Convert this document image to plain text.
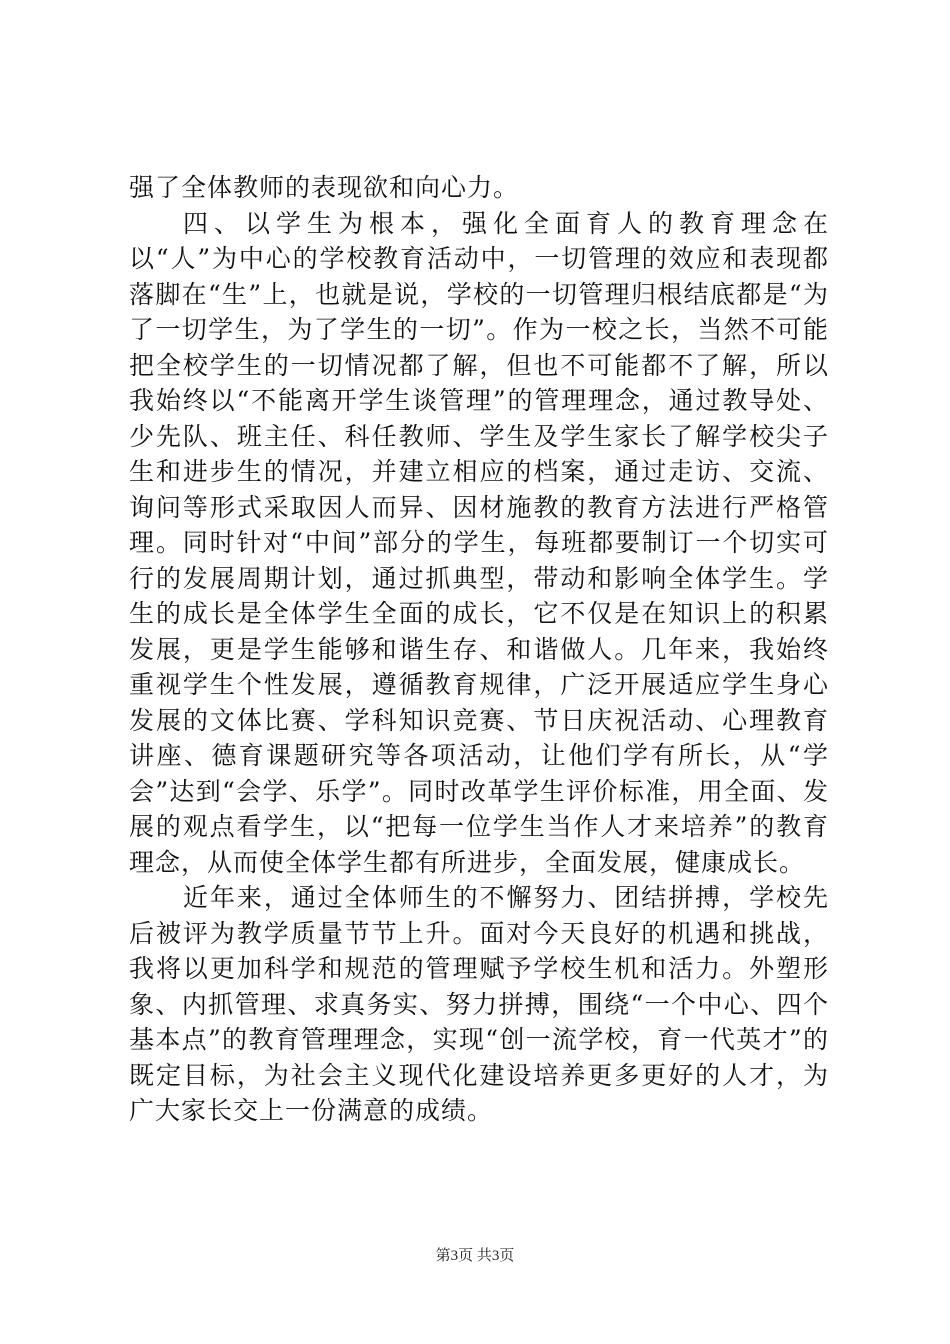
强了全体教师的表现欲和向心力。

四、以学生为根本，强化全面育人的教育理念在以“人”为中心的学校教育活动中，一切管理的效应和表现都落脚在“生”上，也就是说，学校的一切管理归根结底都是“为了一切学生，为了学生的一切”。作为一校之长，当然不可能把全校学生的一切情况都了解，但也不可能都不了解，所以我始终以“不能离开学生谈管理”的管理理念，通过教导处、少先队、班主任、科任教师、学生及学生家长了解学校尖子生和进步生的情况，并建立相应的档案，通过走访、交流、询问等形式采取因人而异、因材施教的教育方法进行严格管理。同时针对“中间”部分的学生，每班都要制订一个切实可行的发展周期计划，通过抓典型，带动和影响全体学生。学生的成长是全体学生全面的成长，它不仅是在知识上的积累发展，更是学生能够和谐生存、和谐做人。几年来，我始终重视学生个性发展，遵循教育规律，广泛开展适应学生身心发展的文体比赛、学科知识竞赛、节日庆祝活动、心理教育讲座、德育课题研究等各项活动，让他们学有所长，从“学会”达到“会学、乐学”。同时改革学生评价标准，用全面、发展的观点看学生，以“把每一位学生当作人才来培养”的教育理念，从而使全体学生都有所进步，全面发展，健康成长。

近年来，通过全体师生的不懈努力、团结拼搏，学校先后被评为教学质量节节上升。面对今天良好的机遇和挑战，我将以更加科学和规范的管理赋予学校生机和活力。外塑形象、内抓管理、求真务实、努力拼搏，围绕“一个中心、四个基本点”的教育管理理念，实现“创一流学校，育一代英才”的既定目标，为社会主义现代化建设培养更多更好的人才，为广大家长交上一份满意的成绩。

第3页 共3页
